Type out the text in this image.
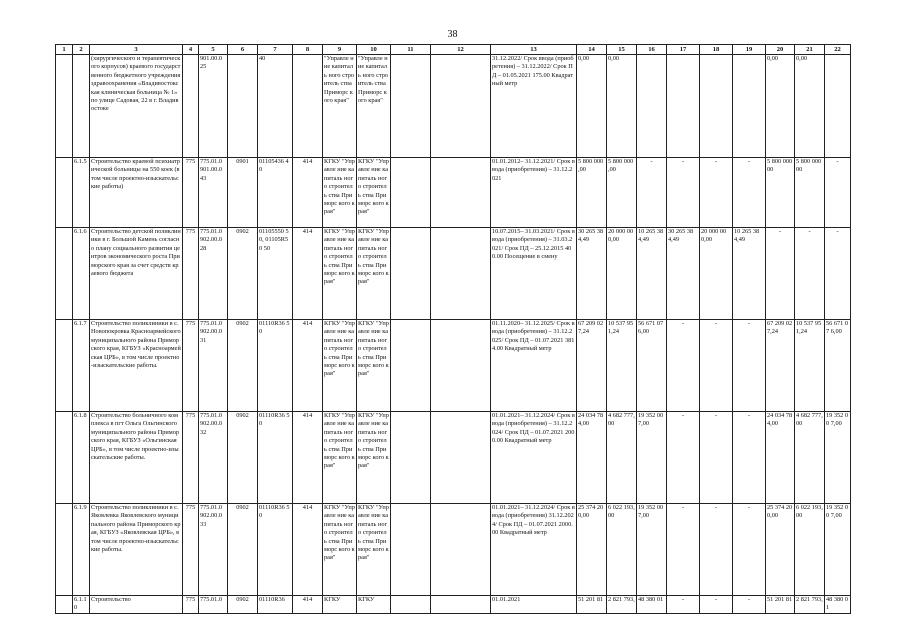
38
1	2	3	4	5	6	7	8	9	10	11	12	13	14	15	16	17	18	19	20	21	22
		(хирургического и терапевтического корпусов) краевого государственного бюджетного учреждения здравоохранения «Владивостокская клиническая больница № 1» по улице Садовая, 22 в г. Владивостоке		901.00.0 25		40		"Управле ние капиталь ного строитель ства Приморс кого края"	"Управле ние капиталь ного строитель ства Приморс кого края"			31.12.2022/ Срок ввода (приобретения) – 31.12.2022/ Срок ПД – 01.05.2021 175.00 Квадратный метр	0,00	0,00					0,00	0,00	
	6.1.5	Строительство краевой психиатрической больницы на 550 коек (в том числе проектно-изыскательские работы)	775	775.01.0 901.00.0 43	0901	01105436 40	414	КГКУ "Управле ние капиталь ного строитель ства Приморс кого края"	КГКУ "Управле ние капиталь ного строитель ства Приморс кого края"			01.01.2012– 31.12.2021/ Срок ввода (приобретения) – 31.12.2021	5 800 000 ,00	5 800 000 ,00	-	-	-	-	5 800 000 00	5 800 000 00	-
	6.1.6	Строительство детской поликлиники в г. Большой Камень согласно плану социального развития центров экономического роста Приморского края за счет средств краевого бюджета	775	775.01.0 902.00.0 28	0902	01105550 50, 01105R50 50	414	КГКУ "Управле ние капиталь ного строитель ства Приморс кого края"	КГКУ "Управле ние капиталь ного строитель ства Приморс кого края"			10.07.2015– 31.03.2021/ Срок ввода (приобретения) – 31.03.2021/ Срок ПД – 25.12.2015 400.00 Посещение в смену	30 265 38 4,49	20 000 00 0,00	10 265 38 4,49	30 265 38 4,49	20 000 00 0,00	10 265 38 4,49	-	-	-
	6.1.7	Строительство поликлиники в с. Новопокровка Красноармейского муниципального района Приморского края, КГБУЗ «Красноармейская ЦРБ», в том числе проектно-изыскательские работы.	775	775.01.0 902.00.0 31	0902	01110R36 50	414	КГКУ "Управле ние капиталь ного строитель ства Приморс кого края"	КГКУ "Управле ние капиталь ного строитель ства Приморс кого края"			01.11.2020– 31.12.2025/ Срок ввода (приобретения) – 31.12.2025/ Срок ПД – 01.07.2021 3814.00 Квадратный метр	67 209 02 7,24	10 537 95 1,24	56 671 07 6,00	-	-	-	67 209 02 7,24	10 537 95 1,24	56 671 07 6,00
	6.1.8	Строительство больничного комплекса в пгт Ольга Ольгинского муниципального района Приморского края, КГБУЗ «Ольгинская ЦРБ», в том числе проектно-изыскательские работы.	775	775.01.0 902.00.0 32	0902	01110R36 50	414	КГКУ "Управле ние капиталь ного строитель ства Приморс кого края"	КГКУ "Управле ние капиталь ного строитель ства Приморс кого края"			01.01.2021– 31.12.2024/ Срок ввода (приобретения) – 31.12.2024/ Срок ПД – 01.07.2021 2000.00 Квадратный метр	24 034 78 4,00	4 682 777, 00	19 352 00 7,00	-	-	-	24 034 78 4,00	4 682 777, 00	19 352 00 7,00
	6.1.9	Строительство поликлиники в с. Яковлевка Яковлевского муниципального района Приморского края, КГБУЗ «Яковлевская ЦРБ», в том числе проектно-изыскательские работы.	775	775.01.0 902.00.0 33	0902	01110R36 50	414	КГКУ "Управле ние капиталь ного строитель ства Приморс кого края"	КГКУ "Управле ние капиталь ного строитель ства Приморс кого края"			01.01.2021– 31.12.2024/ Срок ввода (приобретения) 31.12.2024/ Срок ПД – 01.07.2021 2000.00 Квадратный метр	25 374 20 0,00	6 022 193, 00	19 352 00 7,00	-	-	-	25 374 20 0,00	6 022 193, 00	19 352 00 7,00
	6.1.10	Строительство	775	775.01.0	0902	01110R36	414	КГКУ	КГКУ			01.01.2021	51 201 81	2 821 793,	48 380 01	-	-	-	51 201 81	2 821 793,	48 380 01
